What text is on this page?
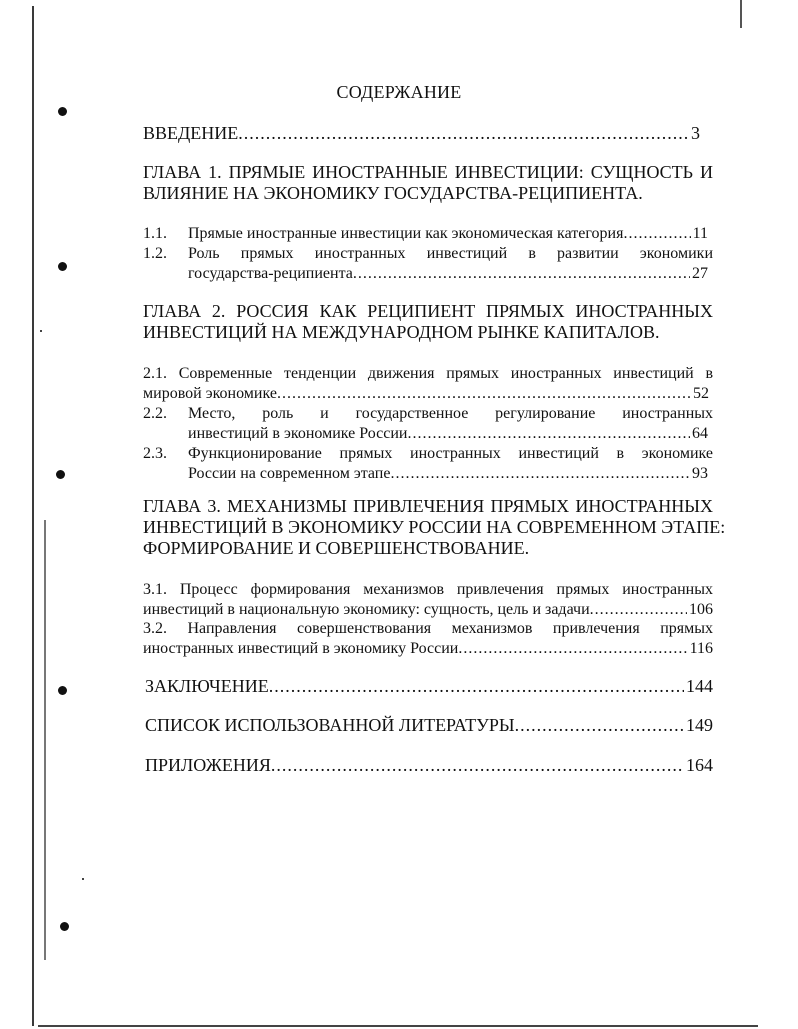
СОДЕРЖАНИЕ
ВВЕДЕНИЕ .....	3
ГЛАВА 1. ПРЯМЫЕ ИНОСТРАННЫЕ ИНВЕСТИЦИИ: СУЩНОСТЬ И
ВЛИЯНИЕ НА ЭКОНОМИКУ ГОСУДАРСТВА-РЕЦИПИЕНТА.
1.1. Прямые иностранные инвестиции как экономическая категория .....	11
1.2. Роль прямых иностранных инвестиций в развитии экономики
государства-реципиента .....	27
ГЛАВА 2. РОССИЯ КАК РЕЦИПИЕНТ ПРЯМЫХ ИНОСТРАННЫХ
ИНВЕСТИЦИЙ НА МЕЖДУНАРОДНОМ РЫНКЕ КАПИТАЛОВ.
2.1. Современные тенденции движения прямых иностранных инвестиций в
мировой экономике .....	52
2.2. Место, роль и государственное регулирование иностранных
инвестиций в экономике России .....	64
2.3. Функционирование прямых иностранных инвестиций в экономике
России на современном этапе .....	93
ГЛАВА 3. МЕХАНИЗМЫ ПРИВЛЕЧЕНИЯ ПРЯМЫХ ИНОСТРАННЫХ
ИНВЕСТИЦИЙ В ЭКОНОМИКУ РОССИИ НА СОВРЕМЕННОМ ЭТАПЕ:
ФОРМИРОВАНИЕ И СОВЕРШЕНСТВОВАНИЕ.
3.1. Процесс формирования механизмов привлечения прямых иностранных
инвестиций в национальную экономику: сущность, цель и задачи .....	106
3.2. Направления совершенствования механизмов привлечения прямых
иностранных инвестиций в экономику России .....	116
ЗАКЛЮЧЕНИЕ .....	144
СПИСОК ИСПОЛЬЗОВАННОЙ ЛИТЕРАТУРЫ .....	149
ПРИЛОЖЕНИЯ .....	164
